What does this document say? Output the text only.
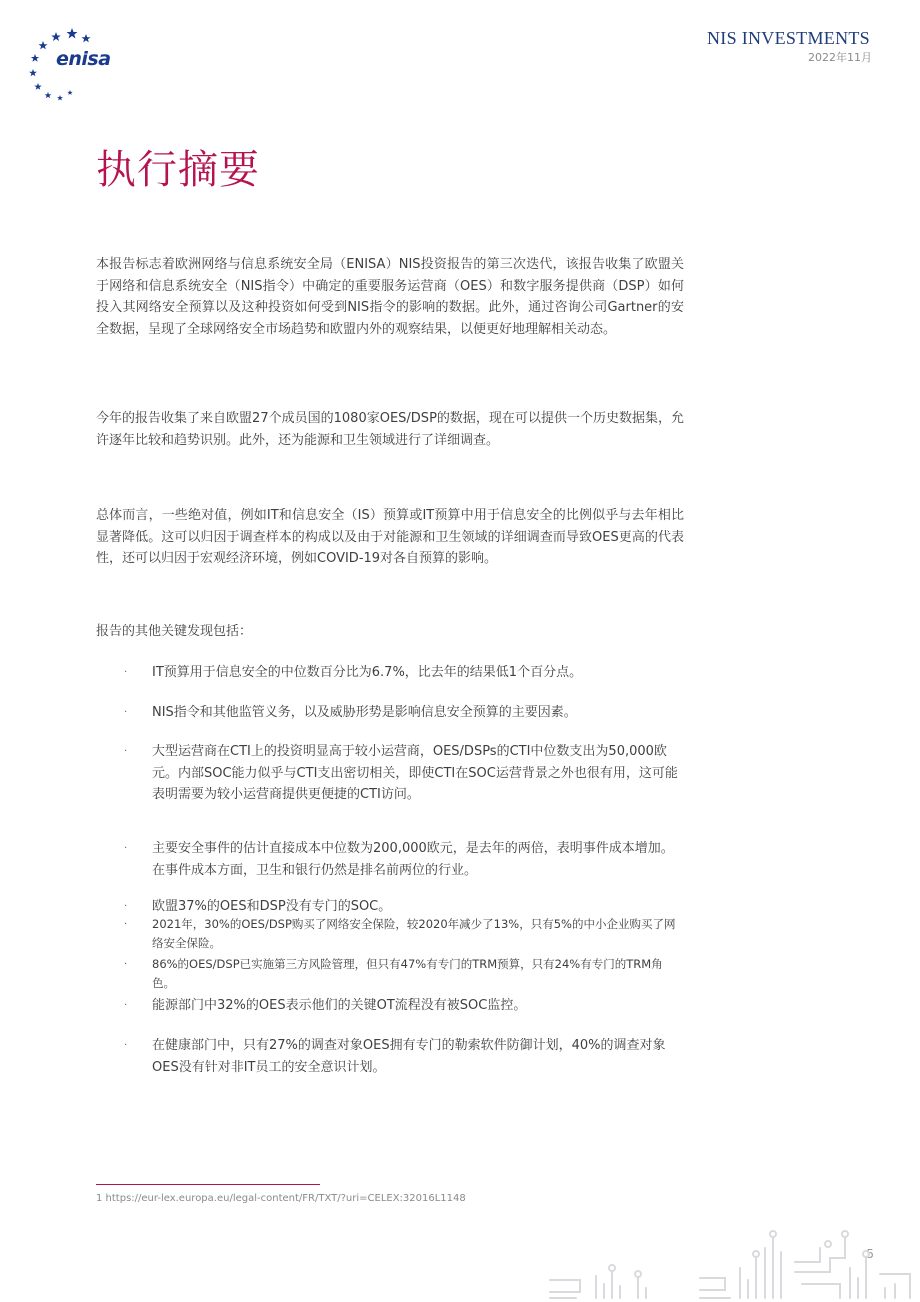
enisa
NIS INVESTMENTS
2022年11月
执行摘要

本报告标志着欧洲网络与信息系统安全局（ENISA）NIS投资报告的第三次迭代，该报告收集了欧盟关于网络和信息系统安全（NIS指令）中确定的重要服务运营商（OES）和数字服务提供商（DSP）如何投入其网络安全预算以及这种投资如何受到NIS指令的影响的数据。此外，通过咨询公司Gartner的安全数据，呈现了全球网络安全市场趋势和欧盟内外的观察结果，以便更好地理解相关动态。

今年的报告收集了来自欧盟27个成员国的1080家OES/DSP的数据，现在可以提供一个历史数据集，允许逐年比较和趋势识别。此外，还为能源和卫生领域进行了详细调查。

总体而言，一些绝对值，例如IT和信息安全（IS）预算或IT预算中用于信息安全的比例似乎与去年相比显著降低。这可以归因于调查样本的构成以及由于对能源和卫生领域的详细调查而导致OES更高的代表性，还可以归因于宏观经济环境，例如COVID-19对各自预算的影响。

报告的其他关键发现包括：

·	IT预算用于信息安全的中位数百分比为6.7%，比去年的结果低1个百分点。
·	NIS指令和其他监管义务，以及威胁形势是影响信息安全预算的主要因素。
·	大型运营商在CTI上的投资明显高于较小运营商，OES/DSPs的CTI中位数支出为50,000欧元。内部SOC能力似乎与CTI支出密切相关，即使CTI在SOC运营背景之外也很有用，这可能表明需要为较小运营商提供更便捷的CTI访问。
·	主要安全事件的估计直接成本中位数为200,000欧元，是去年的两倍，表明事件成本增加。在事件成本方面，卫生和银行仍然是排名前两位的行业。
·	欧盟37%的OES和DSP没有专门的SOC。
·	2021年，30%的OES/DSP购买了网络安全保险，较2020年减少了13%，只有5%的中小企业购买了网络安全保险。
·	86%的OES/DSP已实施第三方风险管理，但只有47%有专门的TRM预算，只有24%有专门的TRM角色。
·	能源部门中32%的OES表示他们的关键OT流程没有被SOC监控。
·	在健康部门中，只有27%的调查对象OES拥有专门的勒索软件防御计划，40%的调查对象OES没有针对非IT员工的安全意识计划。
1 https://eur-lex.europa.eu/legal-content/FR/TXT/?uri=CELEX:32016L1148
5
